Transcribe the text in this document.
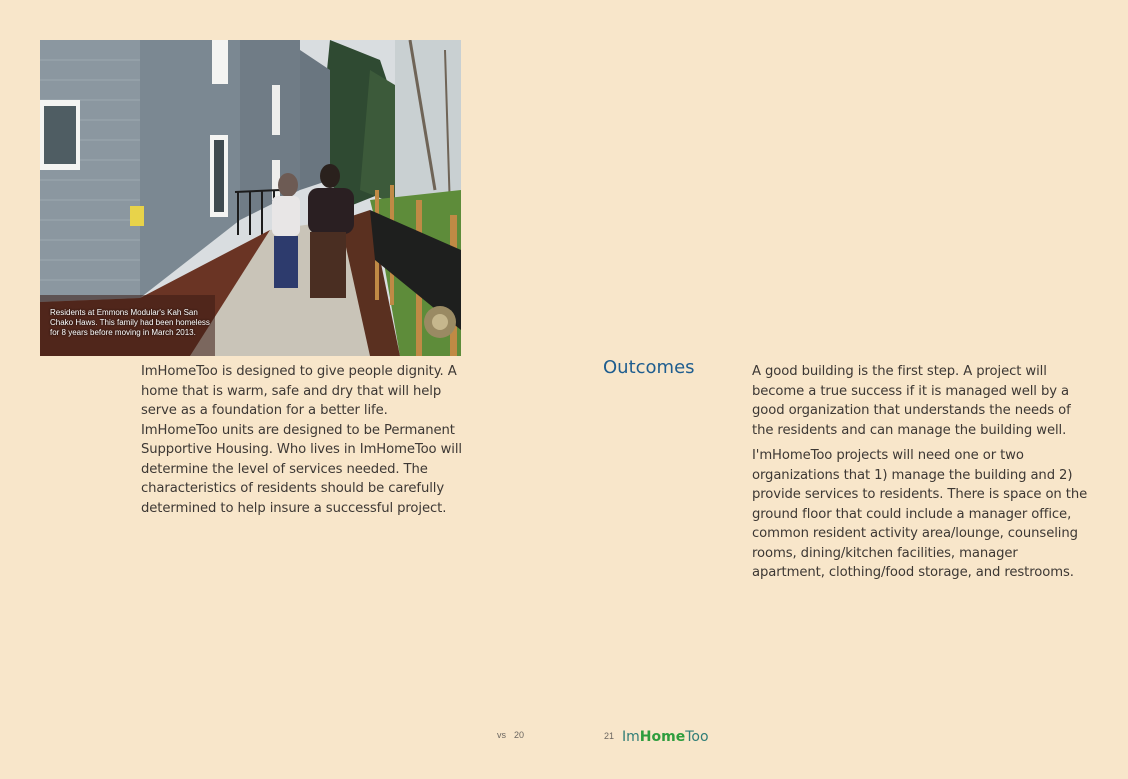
Residents at Emmons Modular's Kah San Chako Haws. This family had been homeless for 8 years before moving in March 2013.

ImHomeToo is designed to give people dignity. A home that is warm, safe and dry that will help serve as a foundation for a better life. ImHomeToo units are designed to be Permanent Supportive Housing. Who lives in ImHomeToo will determine the level of services needed. The characteristics of residents should be carefully determined to help insure a successful project.

Outcomes	A good building is the first step. A project will become a true success if it is managed well by a good organization that understands the needs of the residents and can manage the building well.

I'mHomeToo projects will need one or two organizations that 1) manage the building and 2) provide services to residents. There is space on the ground floor that could include a manager office, common resident activity area/lounge, counseling rooms, dining/kitchen facilities, manager apartment, clothing/food storage, and restrooms.

vs 20	21 ImHomeToo
